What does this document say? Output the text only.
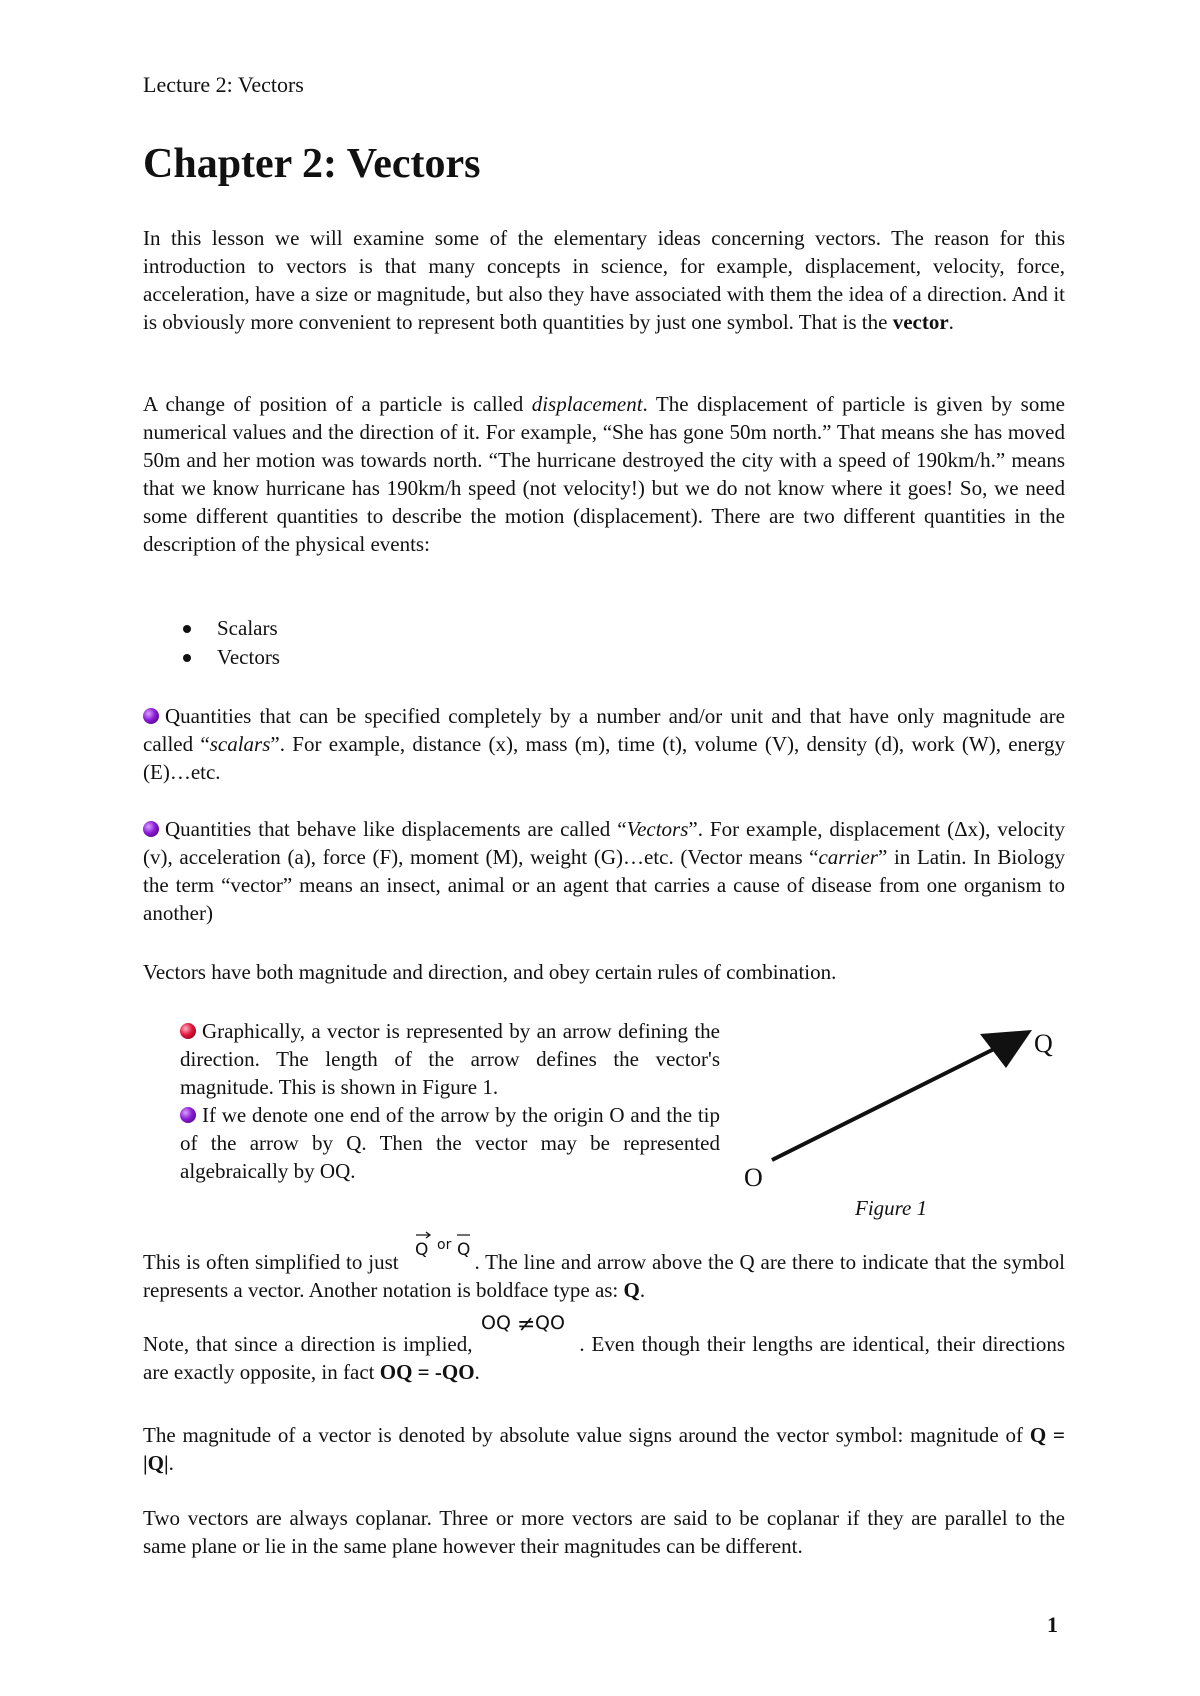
Lecture 2: Vectors
Chapter 2: Vectors

In this lesson we will examine some of the elementary ideas concerning vectors. The reason for this introduction to vectors is that many concepts in science, for example, displacement, velocity, force, acceleration, have a size or magnitude, but also they have associated with them the idea of a direction. And it is obviously more convenient to represent both quantities by just one symbol. That is the vector.

A change of position of a particle is called displacement. The displacement of particle is given by some numerical values and the direction of it. For example, “She has gone 50m north.” That means she has moved 50m and her motion was towards north. “The hurricane destroyed the city with a speed of 190km/h.” means that we know hurricane has 190km/h speed (not velocity!) but we do not know where it goes! So, we need some different quantities to describe the motion (displacement). There are two different quantities in the description of the physical events:

Scalars
Vectors

Quantities that can be specified completely by a number and/or unit and that have only magnitude are called “scalars”. For example, distance (x), mass (m), time (t), volume (V), density (d), work (W), energy (E)…etc.

Quantities that behave like displacements are called “Vectors”. For example, displacement (Δx), velocity (v), acceleration (a), force (F), moment (M), weight (G)…etc. (Vector means “carrier” in Latin. In Biology the term “vector” means an insect, animal or an agent that carries a cause of disease from one organism to another)

Vectors have both magnitude and direction, and obey certain rules of combination.

Graphically, a vector is represented by an arrow defining the direction. The length of the arrow defines the vector's magnitude. This is shown in Figure 1.
If we denote one end of the arrow by the origin O and the tip of the arrow by Q. Then the vector may be represented algebraically by OQ.	O
Q
Figure 1

This is often simplified to just Q or Q . The line and arrow above the Q are there to indicate that the symbol represents a vector. Another notation is boldface type as: Q.

Note, that since a direction is implied,
OQ ≠ QO
. Even though their lengths are identical, their directions are exactly opposite, in fact OQ = -QO.

The magnitude of a vector is denoted by absolute value signs around the vector symbol: magnitude of Q = |Q|.

Two vectors are always coplanar. Three or more vectors are said to be coplanar if they are parallel to the same plane or lie in the same plane however their magnitudes can be different.

1
